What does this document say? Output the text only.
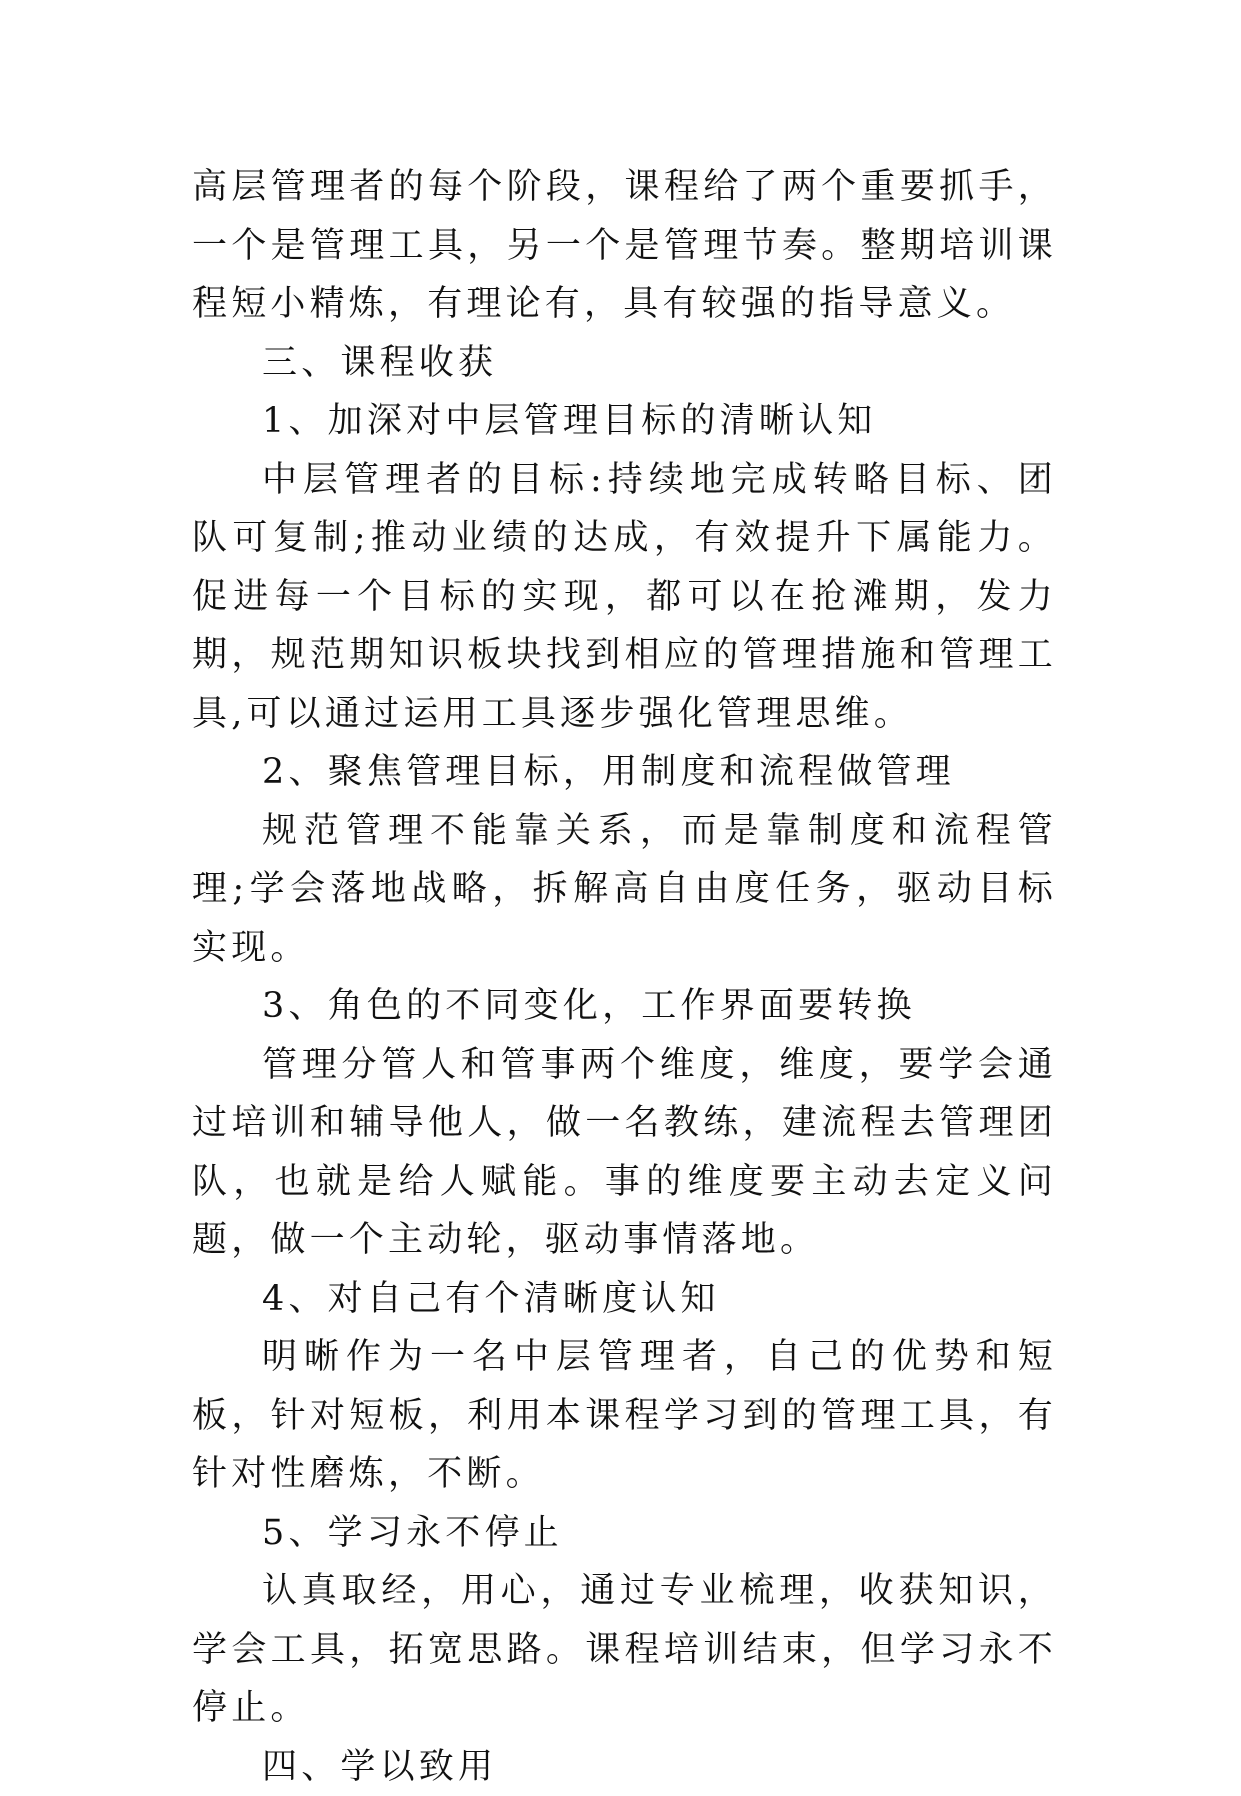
高层管理者的每个阶段，课程给了两个重要抓手，一个是管理工具，另一个是管理节奏。整期培训课程短小精炼，有理论有，具有较强的指导意义。

三、课程收获

1、加深对中层管理目标的清晰认知

中层管理者的目标:持续地完成转略目标、团队可复制;推动业绩的达成，有效提升下属能力。促进每一个目标的实现，都可以在抢滩期，发力期，规范期知识板块找到相应的管理措施和管理工具,可以通过运用工具逐步强化管理思维。

2、聚焦管理目标，用制度和流程做管理

规范管理不能靠关系，而是靠制度和流程管理;学会落地战略，拆解高自由度任务，驱动目标实现。

3、角色的不同变化，工作界面要转换

管理分管人和管事两个维度，维度，要学会通过培训和辅导他人，做一名教练，建流程去管理团队，也就是给人赋能。事的维度要主动去定义问题，做一个主动轮，驱动事情落地。

4、对自己有个清晰度认知

明晰作为一名中层管理者，自己的优势和短板，针对短板，利用本课程学习到的管理工具，有针对性磨炼，不断。

5、学习永不停止

认真取经，用心，通过专业梳理，收获知识，学会工具，拓宽思路。课程培训结束，但学习永不停止。

四、学以致用
